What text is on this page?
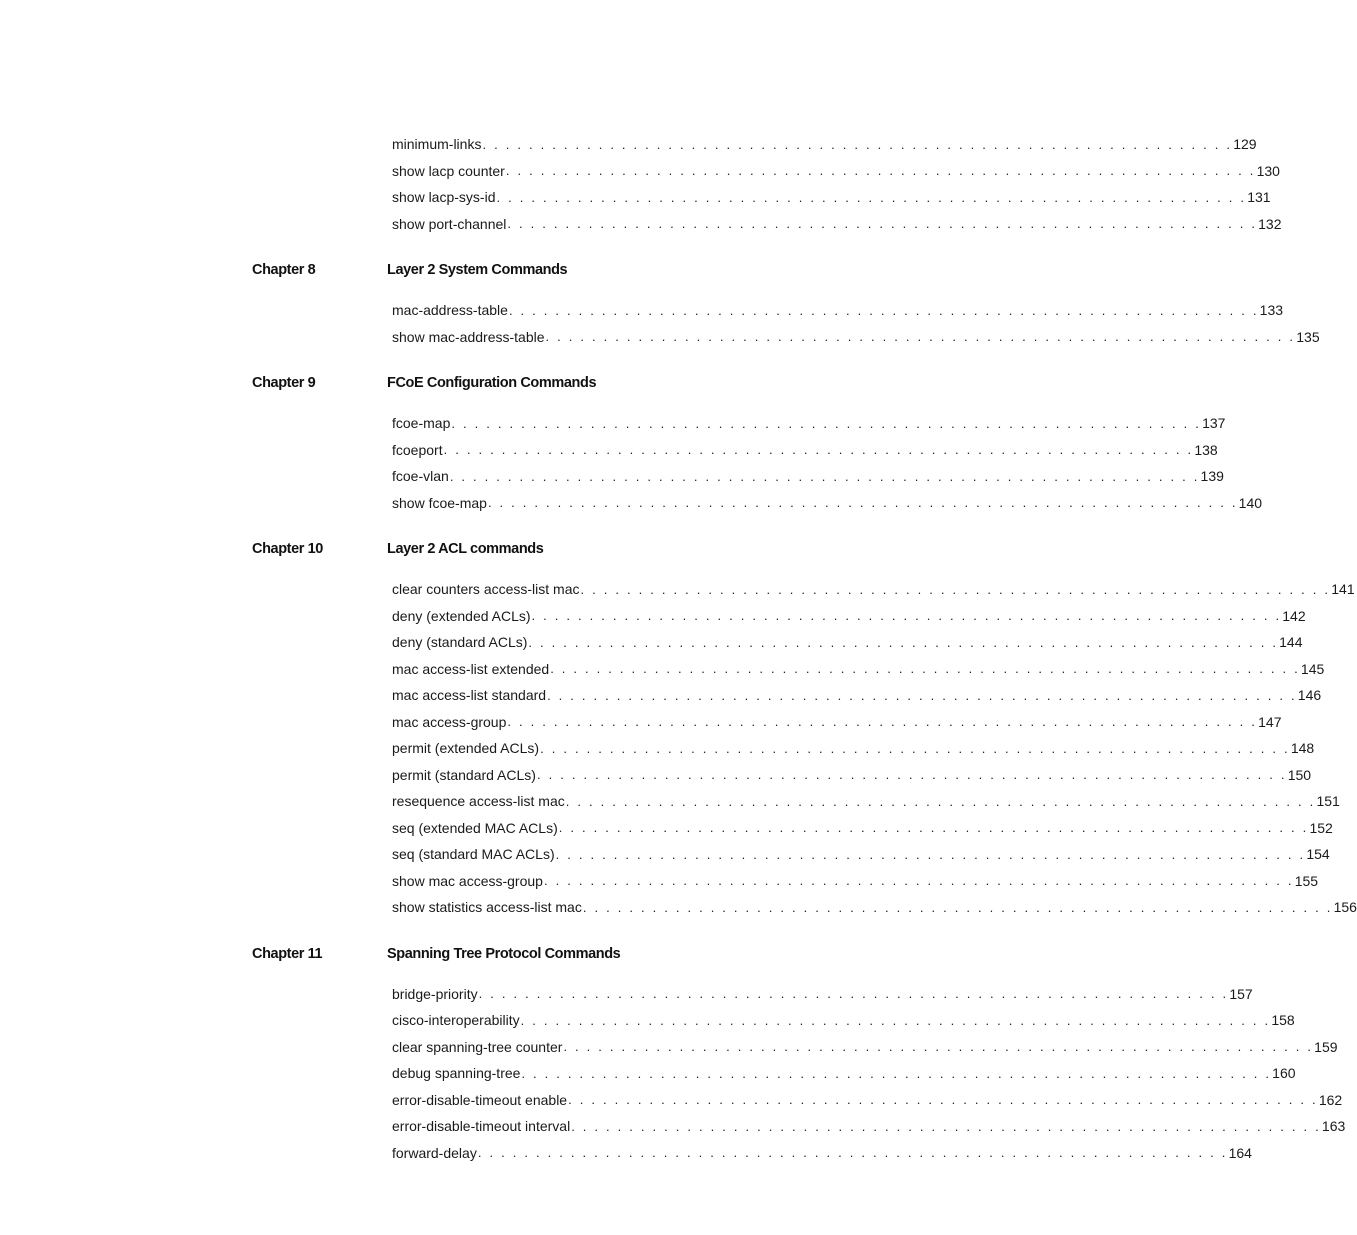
minimum-links . . . . . . . . . . . . . . . . . . . . . . . . . . . . . . . . . . . . . . . . . . . . . . . . . . . . . . . . . . . . . . . . . 129
show lacp counter . . . . . . . . . . . . . . . . . . . . . . . . . . . . . . . . . . . . . . . . . . . . . . . . . . . . . . . . . . . . . . . . . 130
show lacp-sys-id . . . . . . . . . . . . . . . . . . . . . . . . . . . . . . . . . . . . . . . . . . . . . . . . . . . . . . . . . . . . . . . . . 131
show port-channel . . . . . . . . . . . . . . . . . . . . . . . . . . . . . . . . . . . . . . . . . . . . . . . . . . . . . . . . . . . . . . . . . 132
Chapter 8	Layer 2 System Commands
mac-address-table . . . . . . . . . . . . . . . . . . . . . . . . . . . . . . . . . . . . . . . . . . . . . . . . . . . . . . . . . . . . . . . . . 133
show mac-address-table . . . . . . . . . . . . . . . . . . . . . . . . . . . . . . . . . . . . . . . . . . . . . . . . . . . . . . . . . . . . . . . . . 135
Chapter 9	FCoE Configuration Commands
fcoe-map . . . . . . . . . . . . . . . . . . . . . . . . . . . . . . . . . . . . . . . . . . . . . . . . . . . . . . . . . . . . . . . . . 137
fcoeport . . . . . . . . . . . . . . . . . . . . . . . . . . . . . . . . . . . . . . . . . . . . . . . . . . . . . . . . . . . . . . . . . 138
fcoe-vlan . . . . . . . . . . . . . . . . . . . . . . . . . . . . . . . . . . . . . . . . . . . . . . . . . . . . . . . . . . . . . . . . . 139
show fcoe-map . . . . . . . . . . . . . . . . . . . . . . . . . . . . . . . . . . . . . . . . . . . . . . . . . . . . . . . . . . . . . . . . . 140
Chapter 10	Layer 2 ACL commands
clear counters access-list mac . . . . . . . . . . . . . . . . . . . . . . . . . . . . . . . . . . . . . . . . . . . . . . . . . . . . . . . . . . . . . . . . . 141
deny (extended ACLs) . . . . . . . . . . . . . . . . . . . . . . . . . . . . . . . . . . . . . . . . . . . . . . . . . . . . . . . . . . . . . . . . . 142
deny (standard ACLs) . . . . . . . . . . . . . . . . . . . . . . . . . . . . . . . . . . . . . . . . . . . . . . . . . . . . . . . . . . . . . . . . . 144
mac access-list extended . . . . . . . . . . . . . . . . . . . . . . . . . . . . . . . . . . . . . . . . . . . . . . . . . . . . . . . . . . . . . . . . . 145
mac access-list standard . . . . . . . . . . . . . . . . . . . . . . . . . . . . . . . . . . . . . . . . . . . . . . . . . . . . . . . . . . . . . . . . . 146
mac access-group . . . . . . . . . . . . . . . . . . . . . . . . . . . . . . . . . . . . . . . . . . . . . . . . . . . . . . . . . . . . . . . . . 147
permit (extended ACLs) . . . . . . . . . . . . . . . . . . . . . . . . . . . . . . . . . . . . . . . . . . . . . . . . . . . . . . . . . . . . . . . . . 148
permit (standard ACLs) . . . . . . . . . . . . . . . . . . . . . . . . . . . . . . . . . . . . . . . . . . . . . . . . . . . . . . . . . . . . . . . . . 150
resequence access-list mac . . . . . . . . . . . . . . . . . . . . . . . . . . . . . . . . . . . . . . . . . . . . . . . . . . . . . . . . . . . . . . . . . 151
seq (extended MAC ACLs) . . . . . . . . . . . . . . . . . . . . . . . . . . . . . . . . . . . . . . . . . . . . . . . . . . . . . . . . . . . . . . . . . 152
seq (standard MAC ACLs) . . . . . . . . . . . . . . . . . . . . . . . . . . . . . . . . . . . . . . . . . . . . . . . . . . . . . . . . . . . . . . . . . 154
show mac access-group . . . . . . . . . . . . . . . . . . . . . . . . . . . . . . . . . . . . . . . . . . . . . . . . . . . . . . . . . . . . . . . . . 155
show statistics access-list mac . . . . . . . . . . . . . . . . . . . . . . . . . . . . . . . . . . . . . . . . . . . . . . . . . . . . . . . . . . . . . . . . . 156
Chapter 11	Spanning Tree Protocol Commands
bridge-priority . . . . . . . . . . . . . . . . . . . . . . . . . . . . . . . . . . . . . . . . . . . . . . . . . . . . . . . . . . . . . . . . . 157
cisco-interoperability . . . . . . . . . . . . . . . . . . . . . . . . . . . . . . . . . . . . . . . . . . . . . . . . . . . . . . . . . . . . . . . . . 158
clear spanning-tree counter . . . . . . . . . . . . . . . . . . . . . . . . . . . . . . . . . . . . . . . . . . . . . . . . . . . . . . . . . . . . . . . . . 159
debug spanning-tree . . . . . . . . . . . . . . . . . . . . . . . . . . . . . . . . . . . . . . . . . . . . . . . . . . . . . . . . . . . . . . . . . 160
error-disable-timeout enable . . . . . . . . . . . . . . . . . . . . . . . . . . . . . . . . . . . . . . . . . . . . . . . . . . . . . . . . . . . . . . . . . 162
error-disable-timeout interval . . . . . . . . . . . . . . . . . . . . . . . . . . . . . . . . . . . . . . . . . . . . . . . . . . . . . . . . . . . . . . . . . 163
forward-delay . . . . . . . . . . . . . . . . . . . . . . . . . . . . . . . . . . . . . . . . . . . . . . . . . . . . . . . . . . . . . . . . . 164
